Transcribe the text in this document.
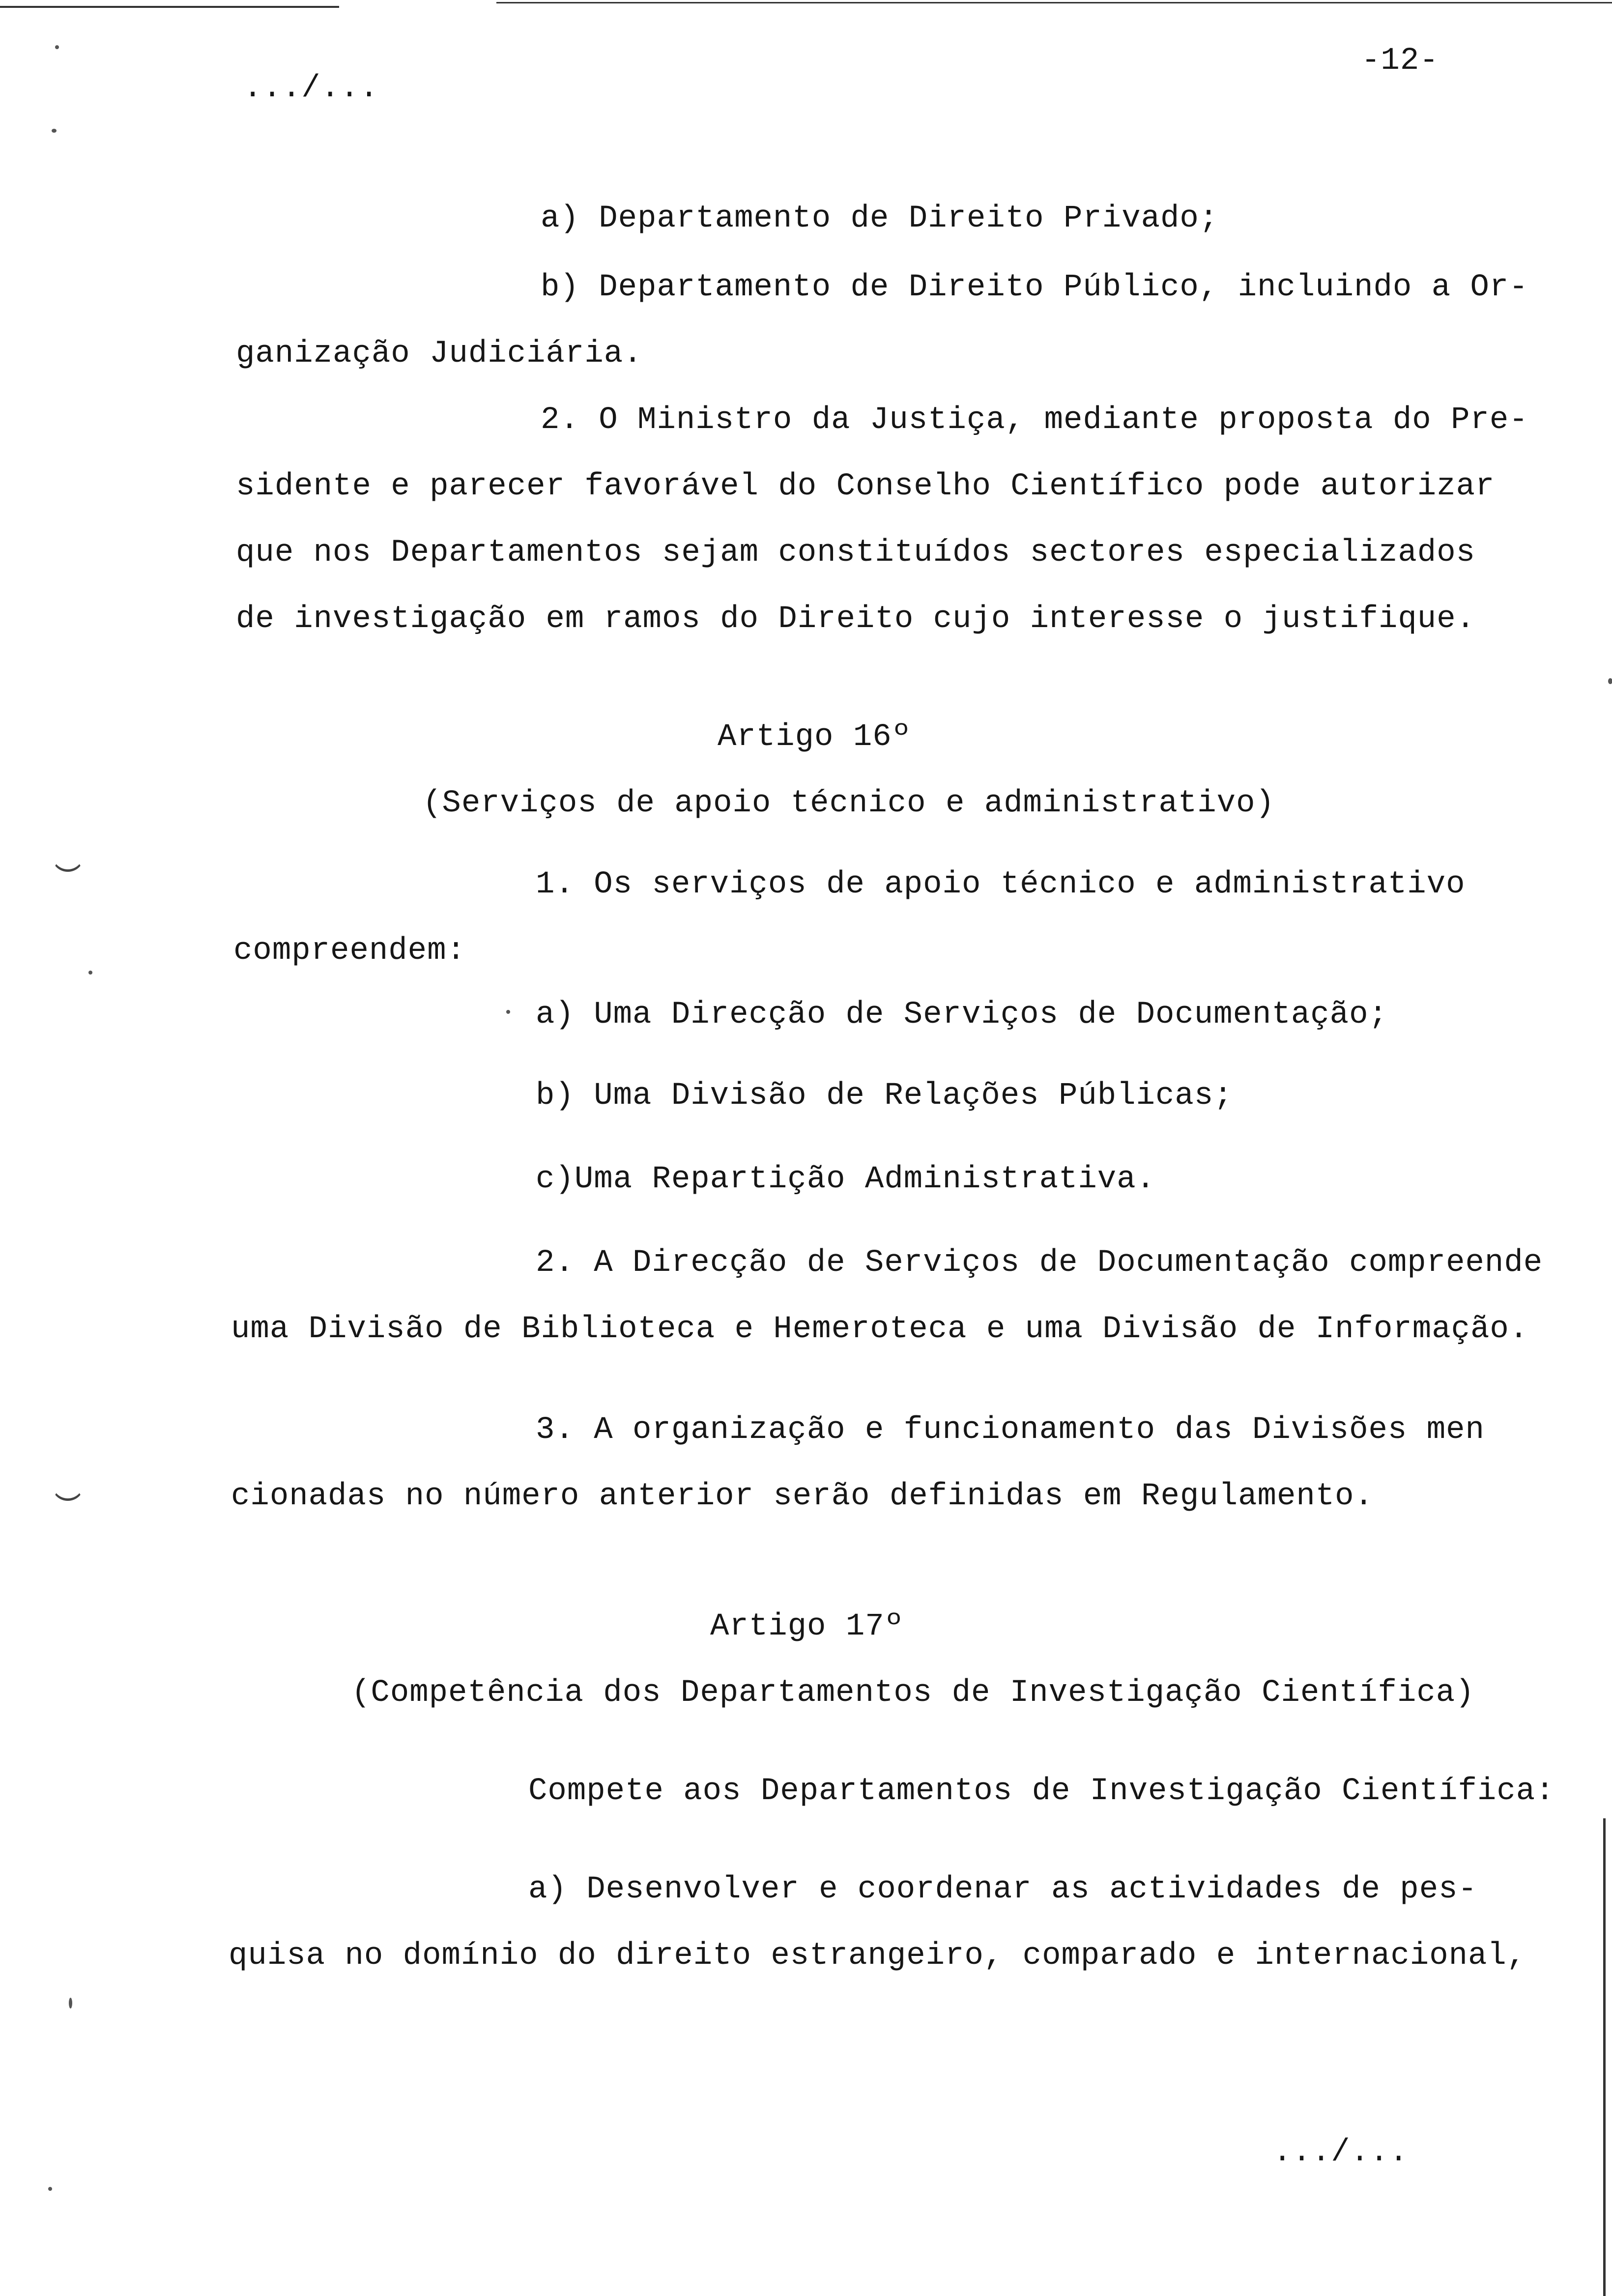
.../...
-12-
a) Departamento de Direito Privado;
b) Departamento de Direito Público, incluindo a Or-
ganização Judiciária.
2. O Ministro da Justiça, mediante proposta do Pre-
sidente e parecer favorável do Conselho Científico pode autorizar
que nos Departamentos sejam constituídos sectores especializados
de investigação em ramos do Direito cujo interesse o justifique.
Artigo 16º
(Serviços de apoio técnico e administrativo)
1. Os serviços de apoio técnico e administrativo
compreendem:
a) Uma Direcção de Serviços de Documentação;
b) Uma Divisão de Relações Públicas;
c)Uma Repartição Administrativa.
2. A Direcção de Serviços de Documentação compreende
uma Divisão de Biblioteca e Hemeroteca e uma Divisão de Informação.
3. A organização e funcionamento das Divisões men
cionadas no número anterior serão definidas em Regulamento.
Artigo 17º
(Competência dos Departamentos de Investigação Científica)
Compete aos Departamentos de Investigação Científica:
a) Desenvolver e coordenar as actividades de pes-
quisa no domínio do direito estrangeiro, comparado e internacional,
.../...
